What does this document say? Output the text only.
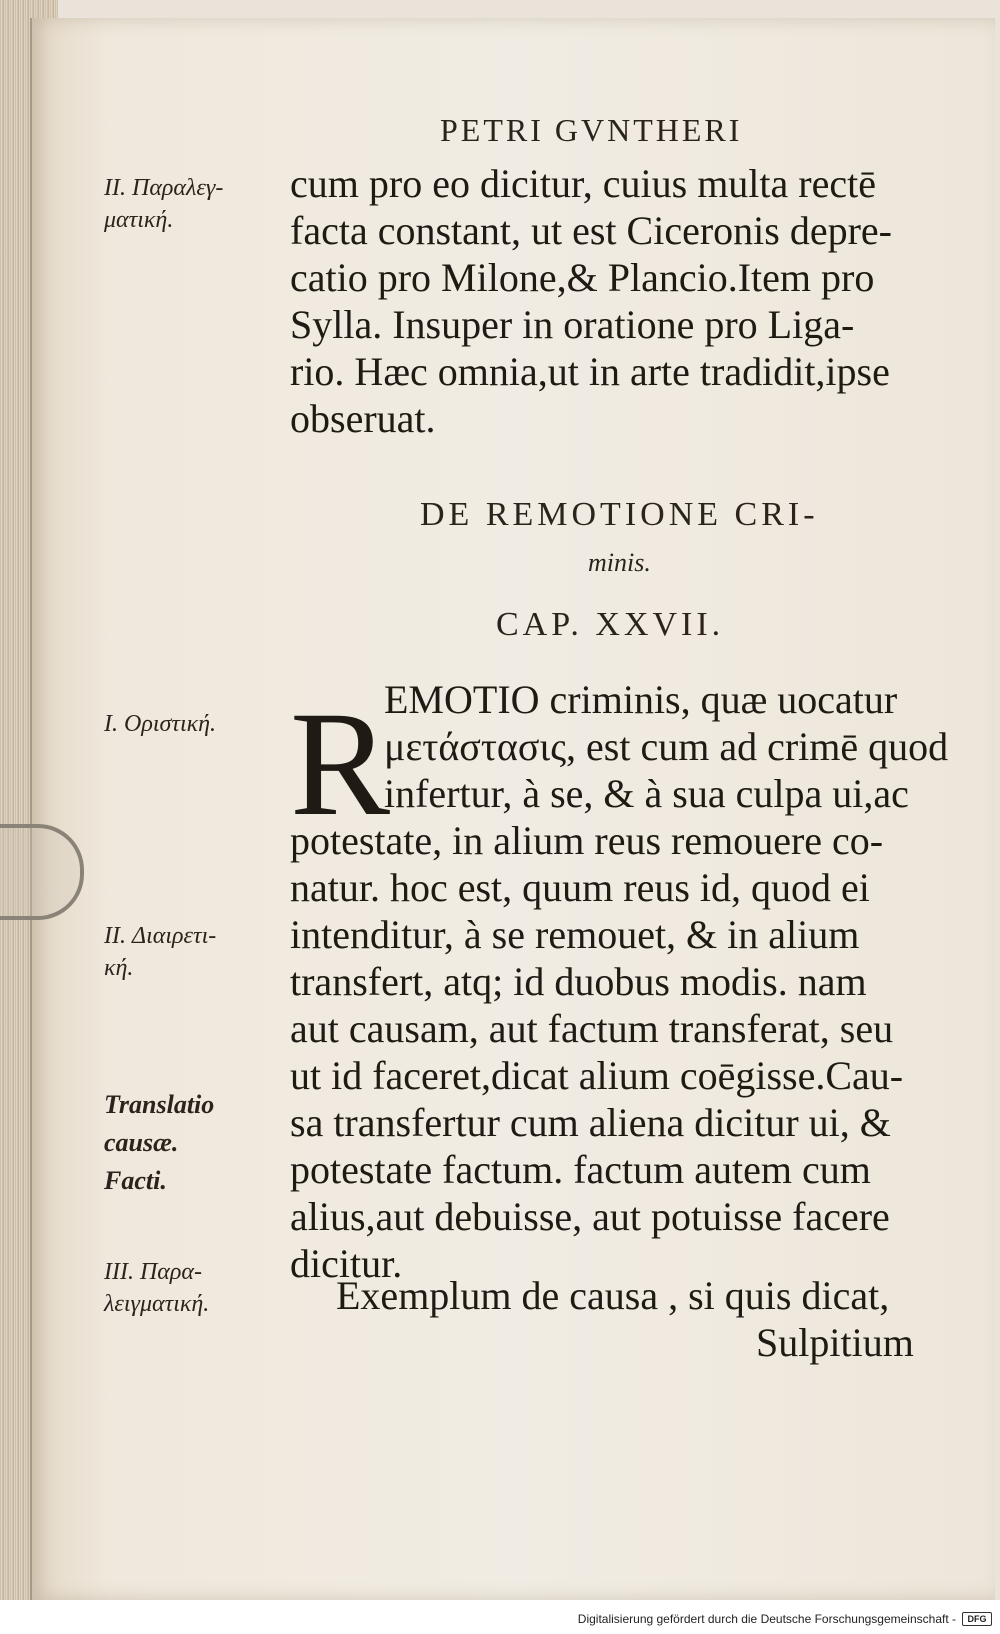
PETRI GVNTHERI
II. Παραλεγ-
ματική.
I. Οριστική.
II. Διαιρετι-
κή.
Translatio
causæ.
Facti.
III. Παρα-
λειγματική.
cum pro eo dicitur, cuius multa rectē
facta constant, ut est Ciceronis depre-
catio pro Milone,& Plancio.Item pro
Sylla. Insuper in oratione pro Liga-
rio. Hæc omnia,ut in arte tradidit,ipse
obseruat.
DE REMOTIONE CRI-
minis.
CAP. XXVII.
R
EMOTIO criminis, quæ uocatur
μετάστασις, est cum ad crimē quod
infertur, à se, & à sua culpa ui,ac
potestate, in alium reus remouere co-
natur. hoc est, quum reus id, quod ei
intenditur, à se remouet, & in alium
transfert, atq; id duobus modis. nam
aut causam, aut factum transferat, seu
ut id faceret,dicat alium coēgisse.Cau-
sa transfertur cum aliena dicitur ui, &
potestate factum. factum autem cum
alius,aut debuisse, aut potuisse facere
dicitur.
Exemplum de causa , si quis dicat,
Sulpitium
Digitalisierung gefördert durch die Deutsche Forschungsgemeinschaft -	DFG
